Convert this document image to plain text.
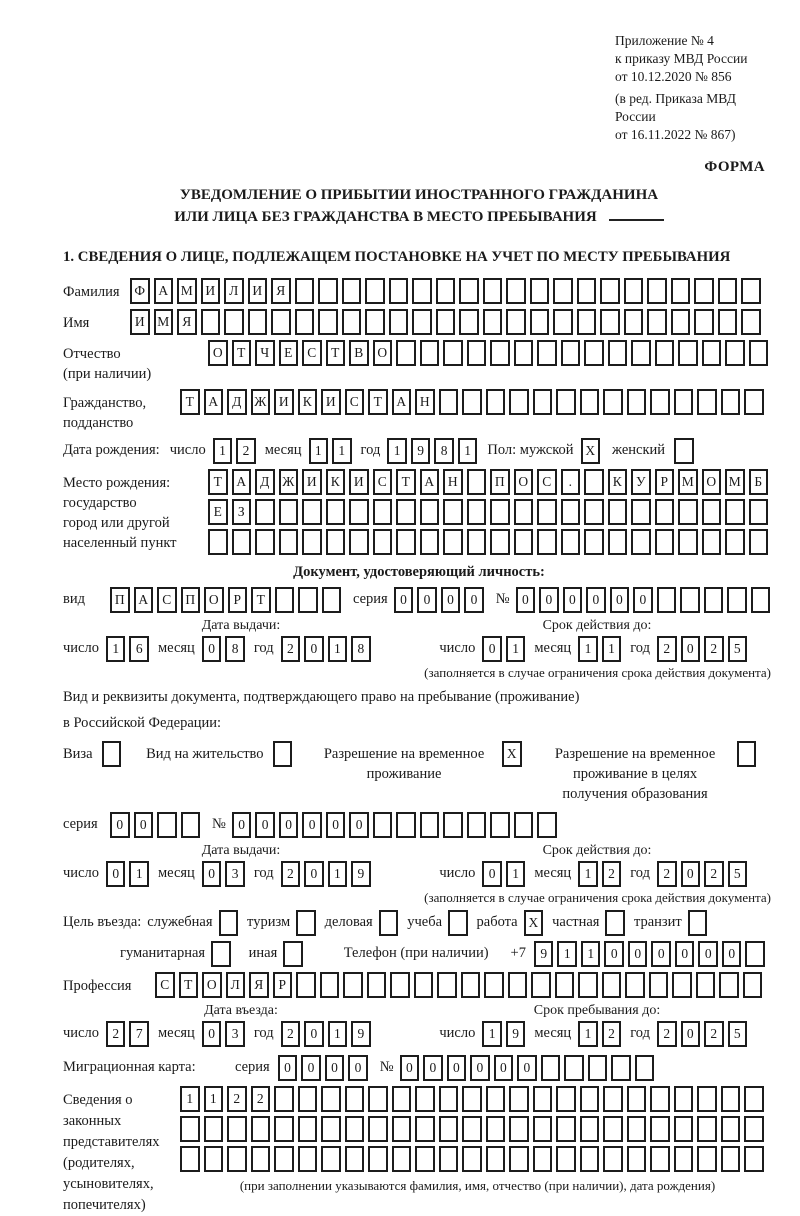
Приложение № 4
к приказу МВД России
от 10.12.2020 № 856
(в ред. Приказа МВД России
от 16.11.2022 № 867)
ФОРМА
УВЕДОМЛЕНИЕ О ПРИБЫТИИ ИНОСТРАННОГО ГРАЖДАНИНА
ИЛИ ЛИЦА БЕЗ ГРАЖДАНСТВА В МЕСТО ПРЕБЫВАНИЯ
1. СВЕДЕНИЯ О ЛИЦЕ, ПОДЛЕЖАЩЕМ ПОСТАНОВКЕ НА УЧЕТ ПО МЕСТУ ПРЕБЫВАНИЯ
Фамилия	Ф А М И	Л	И	Я
Имя	И М Я
Отчество
(при наличии)
О	Т	Ч	Е	С	Т	В	О
Гражданство,
подданство
Т	А	Д Ж И	К	И	С	Т	А	Н
Дата рождения: число 1	2	месяц 1	1	год 1	9	8	1	Пол: мужской X	женский
Место рождения:
государство
город или другой
населенный пункт
Т	А	Д Ж И	К	И	С	Т	А	Н	П	О	С	.	К	У	Р	М О М	Б
Е	З
Документ, удостоверяющий личность:
вид	П	А	С	П	О	Р	Т	серия 0	0	0	0	№ 0	0	0	0	0	0
Дата выдачи:	Срок действия до:
число 1	6	месяц 0	8	год 2	0	1	8	число 0	1	месяц 1	1	год 2	0	2	5
(заполняется в случае ограничения срока действия документа)
Вид и реквизиты документа, подтверждающего право на пребывание (проживание)
в Российской Федерации:
Виза	Вид на жительство	Разрешение на временное проживание
X	Разрешение на временное проживание в целях получения образования
серия	0	0	№ 0	0	0	0	0	0
Дата выдачи:	Срок действия до:
число 0	1	месяц 0	3	год 2	0	1	9	число 0	1	месяц 1	2	год 2	0	2	5
(заполняется в случае ограничения срока действия документа)
Цель въезда: служебная туризм деловая учеба работа X частная транзит
гуманитарная	иная	Телефон (при наличии) +7	9	1	1	0	0	0	0	0	0
Профессия	С	Т	О	Л	Я	Р
Дата въезда:	Срок пребывания до:
число 2	7	месяц 0	3	год 2	0	1	9	число 1	9	месяц 1	2	год 2	0	2	5
Миграционная карта:	серия	0	0	0	0	№ 0	0	0	0	0	0
Сведения о
законных
представителях
(родителях,
усыновителях,
попечителях)
1	1	2	2
(при заполнении указываются фамилия, имя, отчество (при наличии), дата рождения)
